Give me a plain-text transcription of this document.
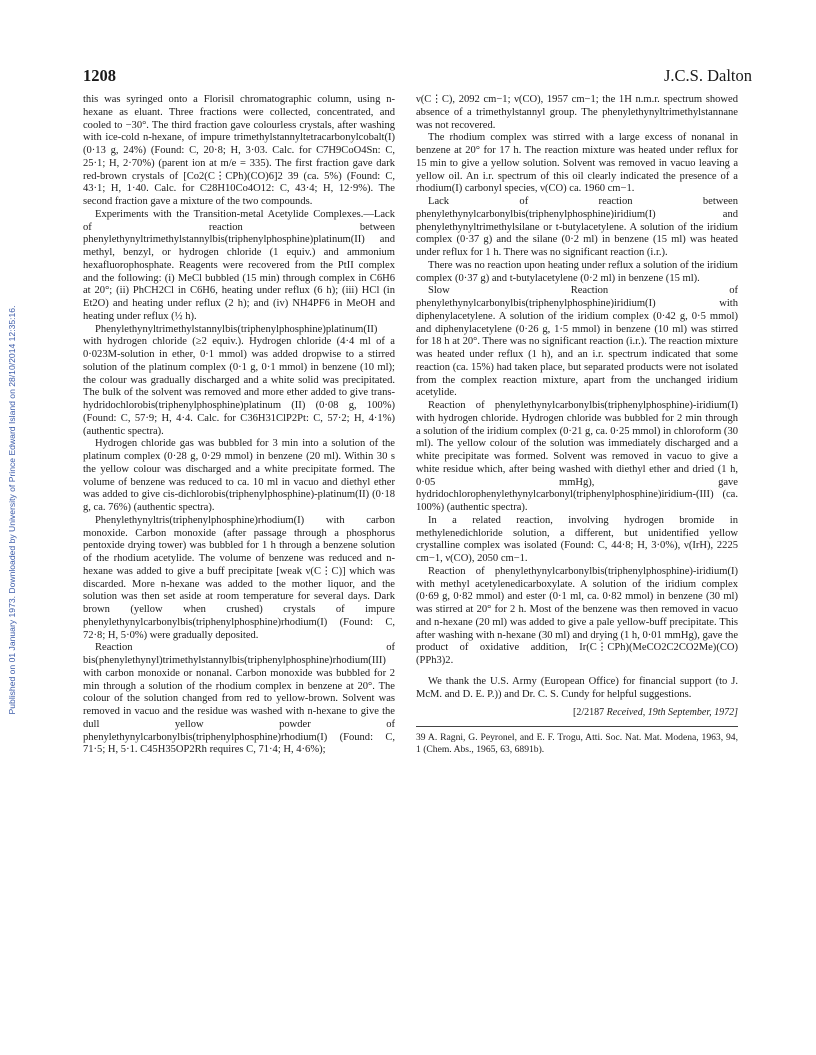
Published on 01 January 1973. Downloaded by University of Prince Edward Island on 28/10/2014 12:35:16.
1208	J.C.S. Dalton

this was syringed onto a Florisil chromatographic column, using n-hexane as eluant. Three fractions were collected, concentrated, and cooled to −30°. The third fraction gave colourless crystals, after washing with ice-cold n-hexane, of impure trimethylstannyltetracarbonylcobalt(I) (0·13 g, 24%) (Found: C, 20·8; H, 3·03. Calc. for C7H9CoO4Sn: C, 25·1; H, 2·70%) (parent ion at m/e = 335). The first fraction gave dark red-brown crystals of [Co2(C⋮CPh)(CO)6]2 39 (ca. 5%) (Found: C, 43·1; H, 1·40. Calc. for C28H10Co4O12: C, 43·4; H, 12·9%). The second fraction gave a mixture of the two compounds.

Experiments with the Transition-metal Acetylide Complexes.—Lack of reaction between phenylethynyltrimethylstannylbis(triphenylphosphine)platinum(II) and methyl, benzyl, or hydrogen chloride (1 equiv.) and ammonium hexafluorophosphate. Reagents were recovered from the PtII complex and the following: (i) MeCl bubbled (15 min) through complex in C6H6 at 20°; (ii) PhCH2Cl in C6H6, heating under reflux (6 h); (iii) HCl (in Et2O) and heating under reflux (2 h); and (iv) NH4PF6 in MeOH and heating under reflux (½ h).

Phenylethynyltrimethylstannylbis(triphenylphosphine)platinum(II) with hydrogen chloride (≥2 equiv.). Hydrogen chloride (4·4 ml of a 0·023M-solution in ether, 0·1 mmol) was added dropwise to a stirred solution of the platinum complex (0·1 g, 0·1 mmol) in benzene (10 ml); the colour was gradually discharged and a white solid was precipitated. The bulk of the solvent was removed and more ether added to give trans-hydridochlorobis(triphenylphosphine)platinum (II) (0·08 g, 100%) (Found: C, 57·9; H, 4·4. Calc. for C36H31ClP2Pt: C, 57·2; H, 4·1%) (authentic spectra).

Hydrogen chloride gas was bubbled for 3 min into a solution of the platinum complex (0·28 g, 0·29 mmol) in benzene (20 ml). Within 30 s the yellow colour was discharged and a white precipitate formed. The volume of benzene was reduced to ca. 10 ml in vacuo and diethyl ether was added to give cis-dichlorobis(triphenylphosphine)-platinum(II) (0·18 g, ca. 76%) (authentic spectra).

Phenylethynyltris(triphenylphosphine)rhodium(I) with carbon monoxide. Carbon monoxide (after passage through a phosphorus pentoxide drying tower) was bubbled for 1 h through a benzene solution of the rhodium acetylide. The volume of benzene was reduced and n-hexane was added to give a buff precipitate [weak ν(C⋮C)] which was discarded. More n-hexane was added to the mother liquor, and the solution was then set aside at room temperature for several days. Dark brown (yellow when crushed) crystals of impure phenylethynylcarbonylbis(triphenylphosphine)rhodium(I) (Found: C, 72·8; H, 5·0%) were gradually deposited.

Reaction of bis(phenylethynyl)trimethylstannylbis(triphenylphosphine)rhodium(III) with carbon monoxide or nonanal. Carbon monoxide was bubbled for 2 min through a solution of the rhodium complex in benzene at 20°. The colour of the solution changed from red to yellow-brown. Solvent was removed in vacuo and the residue was washed with n-hexane to give the dull yellow powder of phenylethynylcarbonylbis(triphenylphosphine)rhodium(I) (Found: C, 71·5; H, 5·1. C45H35OP2Rh requires C, 71·4; H, 4·6%);

ν(C⋮C), 2092 cm−1; ν(CO), 1957 cm−1; the 1H n.m.r. spectrum showed absence of a trimethylstannyl group. The phenylethynyltrimethylstannane was not recovered.

The rhodium complex was stirred with a large excess of nonanal in benzene at 20° for 17 h. The reaction mixture was heated under reflux for 15 min to give a yellow solution. Solvent was removed in vacuo leaving a yellow oil. An i.r. spectrum of this oil clearly indicated the presence of a rhodium(I) carbonyl species, ν(CO) ca. 1960 cm−1.

Lack of reaction between phenylethynylcarbonylbis(triphenylphosphine)iridium(I) and phenylethynyltrimethylsilane or t-butylacetylene. A solution of the iridium complex (0·37 g) and the silane (0·2 ml) in benzene (15 ml) was heated under reflux for 1 h. There was no significant reaction (i.r.).

There was no reaction upon heating under reflux a solution of the iridium complex (0·37 g) and t-butylacetylene (0·2 ml) in benzene (15 ml).

Slow Reaction of phenylethynylcarbonylbis(triphenylphosphine)iridium(I) with diphenylacetylene. A solution of the iridium complex (0·42 g, 0·5 mmol) and diphenylacetylene (0·26 g, 1·5 mmol) in benzene (10 ml) was stirred for 18 h at 20°. There was no significant reaction (i.r.). The reaction mixture was heated under reflux (1 h), and an i.r. spectrum indicated that some reaction (ca. 15%) had taken place, but separated products were not isolated from the complex reaction mixture, apart from the unchanged iridium acetylide.

Reaction of phenylethynylcarbonylbis(triphenylphosphine)-iridium(I) with hydrogen chloride. Hydrogen chloride was bubbled for 2 min through a solution of the iridium complex (0·21 g, ca. 0·25 mmol) in chloroform (30 ml). The yellow colour of the solution was immediately discharged and a white precipitate was formed. Solvent was removed in vacuo to give a white residue which, after being washed with diethyl ether and dried (1 h, 0·05 mmHg), gave hydridochlorophenylethynylcarbonyl(triphenylphosphine)iridium-(III) (ca. 100%) (authentic spectra).

In a related reaction, involving hydrogen bromide in methylenedichloride solution, a different, but unidentified yellow crystalline complex was isolated (Found: C, 44·8; H, 3·0%), ν(IrH), 2225 cm−1, ν(CO), 2050 cm−1.

Reaction of phenylethynylcarbonylbis(triphenylphosphine)-iridium(I) with methyl acetylenedicarboxylate. A solution of the iridium complex (0·69 g, 0·82 mmol) and ester (0·1 ml, ca. 0·82 mmol) in benzene (30 ml) was stirred at 20° for 2 h. Most of the benzene was then removed in vacuo and n-hexane (20 ml) was added to give a pale yellow-buff precipitate. This after washing with n-hexane (30 ml) and drying (1 h, 0·01 mmHg), gave the product of oxidative addition, Ir(C⋮CPh)(MeCO2C2CO2Me)(CO)(PPh3)2.

We thank the U.S. Army (European Office) for financial support (to J. McM. and D. E. P.)) and Dr. C. S. Cundy for helpful suggestions.

[2/2187 Received, 19th September, 1972]

39 A. Ragni, G. Peyronel, and E. F. Trogu, Atti. Soc. Nat. Mat. Modena, 1963, 94, 1 (Chem. Abs., 1965, 63, 6891b).
